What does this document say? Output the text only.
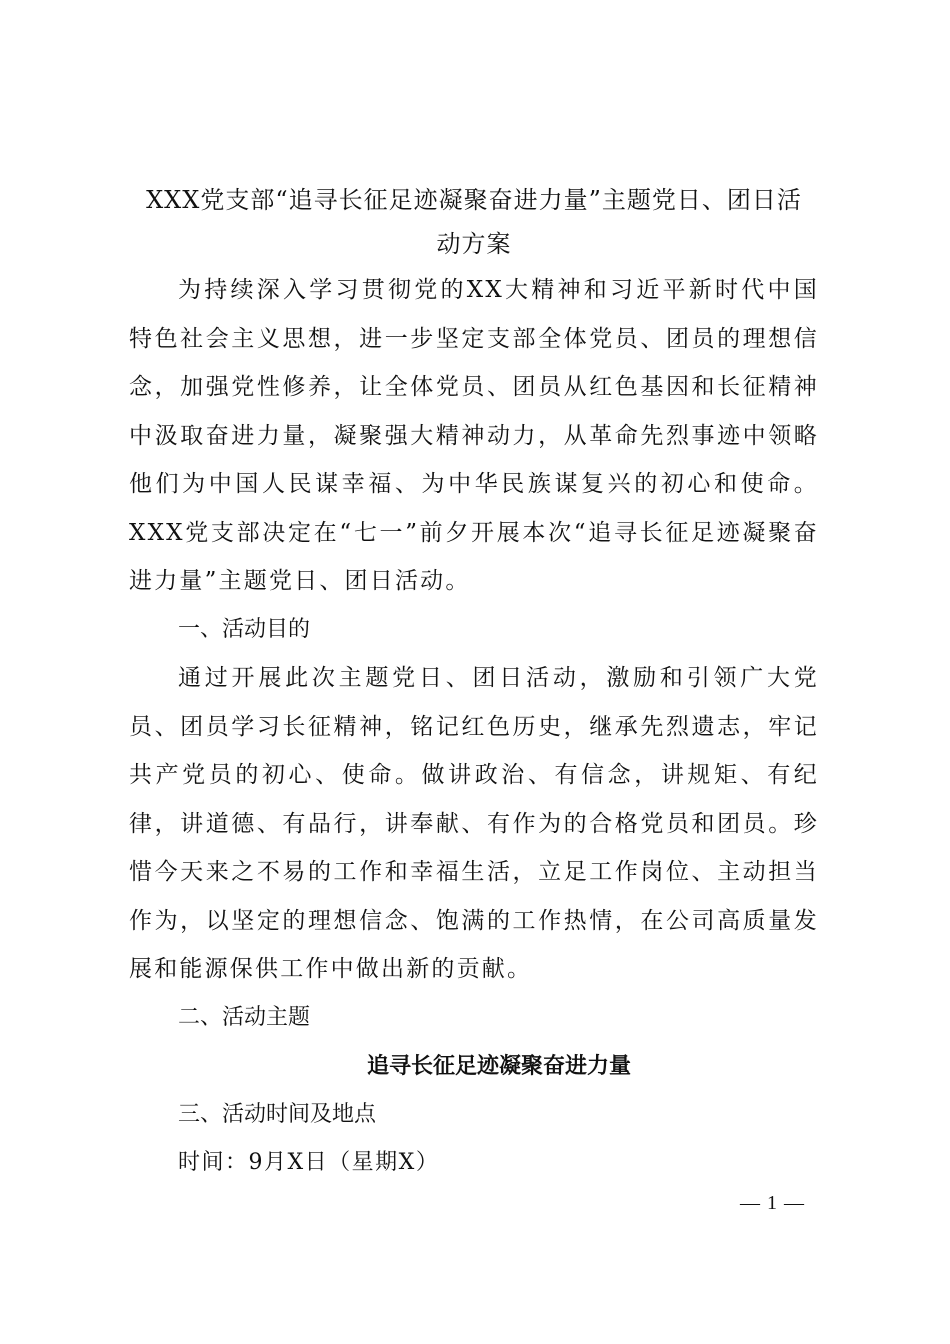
XXX党支部“追寻长征足迹凝聚奋进力量”主题党日、团日活
动方案

为持续深入学习贯彻党的XX大精神和习近平新时代中国特色社会主义思想，进一步坚定支部全体党员、团员的理想信念，加强党性修养，让全体党员、团员从红色基因和长征精神中汲取奋进力量，凝聚强大精神动力，从革命先烈事迹中领略他们为中国人民谋幸福、为中华民族谋复兴的初心和使命。XXX党支部决定在“七一”前夕开展本次“追寻长征足迹凝聚奋进力量”主题党日、团日活动。

一、活动目的

通过开展此次主题党日、团日活动，激励和引领广大党员、团员学习长征精神，铭记红色历史，继承先烈遗志，牢记共产党员的初心、使命。做讲政治、有信念，讲规矩、有纪律，讲道德、有品行，讲奉献、有作为的合格党员和团员。珍惜今天来之不易的工作和幸福生活，立足工作岗位、主动担当作为，以坚定的理想信念、饱满的工作热情，在公司高质量发展和能源保供工作中做出新的贡献。

二、活动主题

追寻长征足迹凝聚奋进力量

三、活动时间及地点

时间：9月X日（星期X）

— 1 —
